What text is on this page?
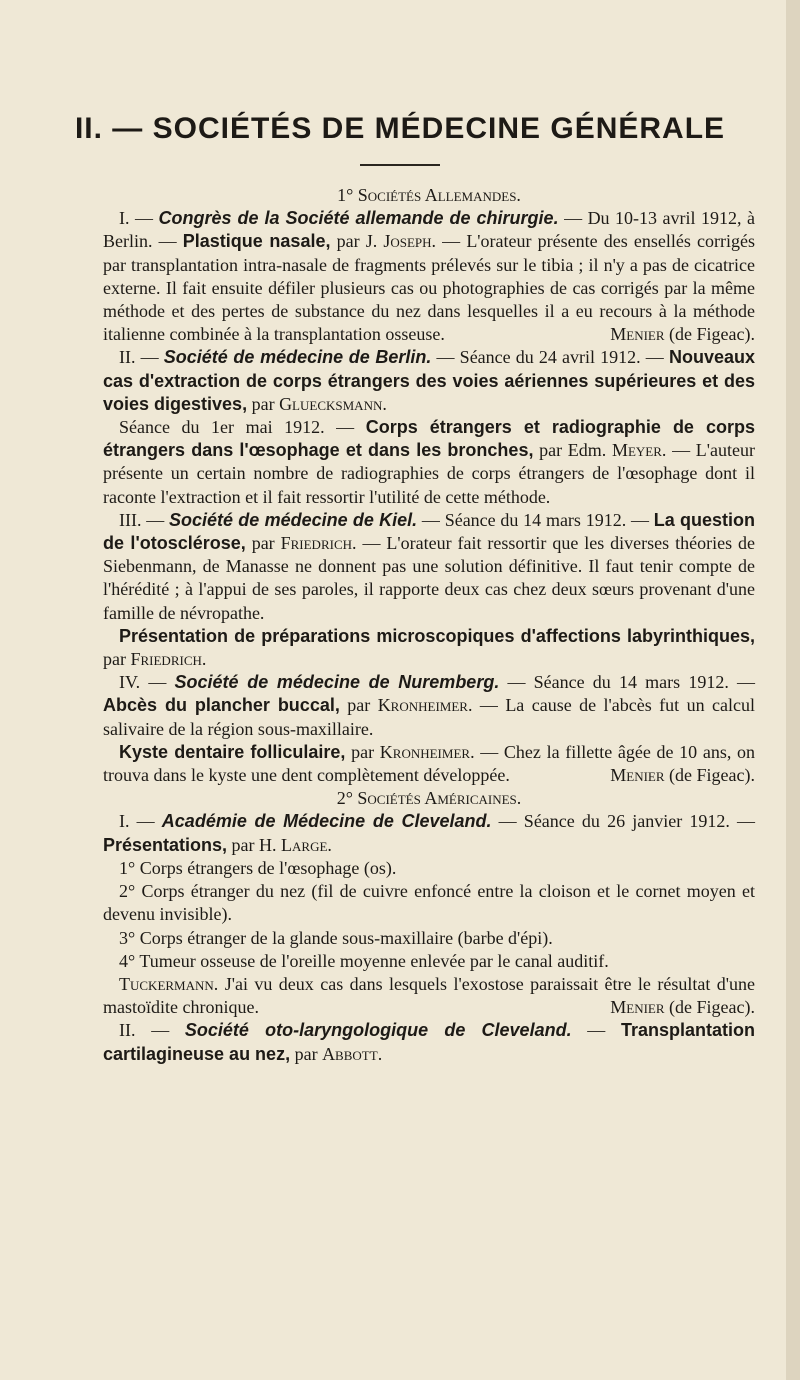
II. — SOCIÉTÉS DE MÉDECINE GÉNÉRALE

1° Sociétés Allemandes.

I. — Congrès de la Société allemande de chirurgie. — Du 10-13 avril 1912, à Berlin. — Plastique nasale, par J. Joseph. — L'orateur présente des ensellés corrigés par transplantation intra-nasale de fragments prélevés sur le tibia ; il n'y a pas de cicatrice externe. Il fait ensuite défiler plusieurs cas ou photographies de cas corrigés par la même méthode et des pertes de substance du nez dans lesquelles il a eu recours à la méthode italienne combinée à la transplantation osseuse.	Menier (de Figeac).

II. — Société de médecine de Berlin. — Séance du 24 avril 1912. — Nouveaux cas d'extraction de corps étrangers des voies aériennes supérieures et des voies digestives, par Gluecksmann.

Séance du 1er mai 1912. — Corps étrangers et radiographie de corps étrangers dans l'œsophage et dans les bronches, par Edm. Meyer. — L'auteur présente un certain nombre de radiographies de corps étrangers de l'œsophage dont il raconte l'extraction et il fait ressortir l'utilité de cette méthode.

III. — Société de médecine de Kiel. — Séance du 14 mars 1912. — La question de l'otosclérose, par Friedrich. — L'orateur fait ressortir que les diverses théories de Siebenmann, de Manasse ne donnent pas une solution définitive. Il faut tenir compte de l'hérédité ; à l'appui de ses paroles, il rapporte deux cas chez deux sœurs provenant d'une famille de névropathe.

Présentation de préparations microscopiques d'affections labyrinthiques, par Friedrich.

IV. — Société de médecine de Nuremberg. — Séance du 14 mars 1912. — Abcès du plancher buccal, par Kronheimer. — La cause de l'abcès fut un calcul salivaire de la région sous-maxillaire.

Kyste dentaire folliculaire, par Kronheimer. — Chez la fillette âgée de 10 ans, on trouva dans le kyste une dent complètement développée.	Menier (de Figeac).

2° Sociétés Américaines.

I. — Académie de Médecine de Cleveland. — Séance du 26 janvier 1912. — Présentations, par H. Large.

1° Corps étrangers de l'œsophage (os).

2° Corps étranger du nez (fil de cuivre enfoncé entre la cloison et le cornet moyen et devenu invisible).

3° Corps étranger de la glande sous-maxillaire (barbe d'épi).

4° Tumeur osseuse de l'oreille moyenne enlevée par le canal auditif.

Tuckermann. J'ai vu deux cas dans lesquels l'exostose paraissait être le résultat d'une mastoïdite chronique.	Menier (de Figeac).

II. — Société oto-laryngologique de Cleveland. — Transplantation cartilagineuse au nez, par Abbott.
